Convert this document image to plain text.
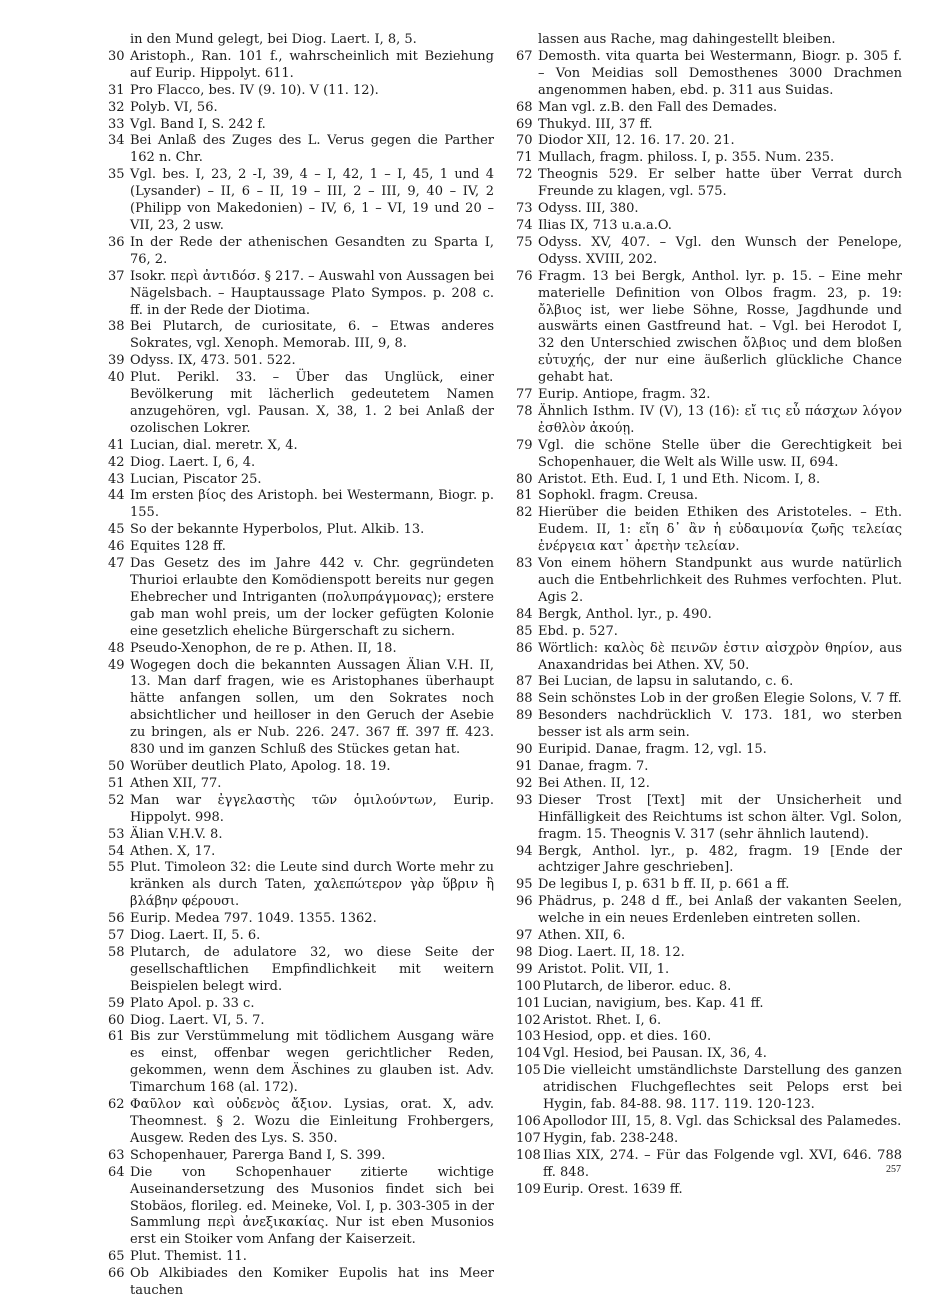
in den Mund gelegt, bei Diog. Laert. I, 8, 5.
30 Aristoph., Ran. 101 f., wahrscheinlich mit Beziehung auf Eurip. Hippolyt. 611.
31 Pro Flacco, bes. IV (9. 10). V (11. 12).
32 Polyb. VI, 56.
33 Vgl. Band I, S. 242 f.
34 Bei Anlaß des Zuges des L. Verus gegen die Parther 162 n. Chr.
35 Vgl. bes. I, 23, 2 -I, 39, 4 – I, 42, 1 – I, 45, 1 und 4 (Lysander) – II, 6 – II, 19 – III, 2 – III, 9, 40 – IV, 2 (Philipp von Makedonien) – IV, 6, 1 – VI, 19 und 20 – VII, 23, 2 usw.
36 In der Rede der athenischen Gesandten zu Sparta I, 76, 2.
37 Isokr. περὶ ἀντιδόσ. § 217. – Auswahl von Aussagen bei Nägelsbach. – Hauptaussage Plato Sympos. p. 208 c. ff. in der Rede der Diotima.
38 Bei Plutarch, de curiositate, 6. – Etwas anderes Sokrates, vgl. Xenoph. Memorab. III, 9, 8.
39 Odyss. IX, 473. 501. 522.
40 Plut. Perikl. 33. – Über das Unglück, einer Bevölkerung mit lächerlich gedeutetem Namen anzugehören, vgl. Pausan. X, 38, 1. 2 bei Anlaß der ozolischen Lokrer.
41 Lucian, dial. meretr. X, 4.
42 Diog. Laert. I, 6, 4.
43 Lucian, Piscator 25.
44 Im ersten βίος des Aristoph. bei Westermann, Biogr. p. 155.
45 So der bekannte Hyperbolos, Plut. Alkib. 13.
46 Equites 128 ff.
47 Das Gesetz des im Jahre 442 v. Chr. gegründeten Thurioi erlaubte den Komödienspott bereits nur gegen Ehebrecher und Intriganten (πολυπράγμονας); erstere gab man wohl preis, um der locker gefügten Kolonie eine gesetzlich eheliche Bürgerschaft zu sichern.
48 Pseudo-Xenophon, de re p. Athen. II, 18.
49 Wogegen doch die bekannten Aussagen Älian V.H. II, 13. Man darf fragen, wie es Aristophanes überhaupt hätte anfangen sollen, um den Sokrates noch absichtlicher und heilloser in den Geruch der Asebie zu bringen, als er Nub. 226. 247. 367 ff. 397 ff. 423. 830 und im ganzen Schluß des Stückes getan hat.
50 Worüber deutlich Plato, Apolog. 18. 19.
51 Athen XII, 77.
52 Man war ἐγγελαστὴς τῶν ὁμιλούντων, Eurip. Hippolyt. 998.
53 Älian V.H.V. 8.
54 Athen. X, 17.
55 Plut. Timoleon 32: die Leute sind durch Worte mehr zu kränken als durch Taten, χαλεπώτερον γὰρ ὕβριν ἢ βλάβην φέρουσι.
56 Eurip. Medea 797. 1049. 1355. 1362.
57 Diog. Laert. II, 5. 6.
58 Plutarch, de adulatore 32, wo diese Seite der gesellschaftlichen Empfindlichkeit mit weitern Beispielen belegt wird.
59 Plato Apol. p. 33 c.
60 Diog. Laert. VI, 5. 7.
61 Bis zur Verstümmelung mit tödlichem Ausgang wäre es einst, offenbar wegen gerichtlicher Reden, gekommen, wenn dem Äschines zu glauben ist. Adv. Timarchum 168 (al. 172).
62 Φαῦλον καὶ οὐδενὸς ἄξιον. Lysias, orat. X, adv. Theomnest. § 2. Wozu die Einleitung Frohbergers, Ausgew. Reden des Lys. S. 350.
63 Schopenhauer, Parerga Band I, S. 399.
64 Die von Schopenhauer zitierte wichtige Auseinandersetzung des Musonios findet sich bei Stobäos, florileg. ed. Meineke, Vol. I, p. 303-305 in der Sammlung περὶ ἀνεξικακίας. Nur ist eben Musonios erst ein Stoiker vom Anfang der Kaiserzeit.
65 Plut. Themist. 11.
66 Ob Alkibiades den Komiker Eupolis hat ins Meer tauchen
lassen aus Rache, mag dahingestellt bleiben.
67 Demosth. vita quarta bei Westermann, Biogr. p. 305 f. – Von Meidias soll Demosthenes 3000 Drachmen angenommen haben, ebd. p. 311 aus Suidas.
68 Man vgl. z.B. den Fall des Demades.
69 Thukyd. III, 37 ff.
70 Diodor XII, 12. 16. 17. 20. 21.
71 Mullach, fragm. philoss. I, p. 355. Num. 235.
72 Theognis 529. Er selber hatte über Verrat durch Freunde zu klagen, vgl. 575.
73 Odyss. III, 380.
74 Ilias IX, 713 u.a.a.O.
75 Odyss. XV, 407. – Vgl. den Wunsch der Penelope, Odyss. XVIII, 202.
76 Fragm. 13 bei Bergk, Anthol. lyr. p. 15. – Eine mehr materielle Definition von Olbos fragm. 23, p. 19: ὄλβιος ist, wer liebe Söhne, Rosse, Jagdhunde und auswärts einen Gastfreund hat. – Vgl. bei Herodot I, 32 den Unterschied zwischen ὄλβιος und dem bloßen εὐτυχής, der nur eine äußerlich glückliche Chance gehabt hat.
77 Eurip. Antiope, fragm. 32.
78 Ähnlich Isthm. IV (V), 13 (16): εἴ τις εὖ πάσχων λόγον ἐσθλὸν ἀκούῃ.
79 Vgl. die schöne Stelle über die Gerechtigkeit bei Schopenhauer, die Welt als Wille usw. II, 694.
80 Aristot. Eth. Eud. I, 1 und Eth. Nicom. I, 8.
81 Sophokl. fragm. Creusa.
82 Hierüber die beiden Ethiken des Aristoteles. – Eth. Eudem. II, 1: εἴη δ᾽ ἂν ἡ εὐδαιμονία ζωῆς τελείας ἐνέργεια κατ᾽ ἀρετὴν τελείαν.
83 Von einem höhern Standpunkt aus wurde natürlich auch die Entbehrlichkeit des Ruhmes verfochten. Plut. Agis 2.
84 Bergk, Anthol. lyr., p. 490.
85 Ebd. p. 527.
86 Wörtlich: καλὸς δὲ πεινῶν ἐστιν αἰσχρὸν θηρίον, aus Anaxandridas bei Athen. XV, 50.
87 Bei Lucian, de lapsu in salutando, c. 6.
88 Sein schönstes Lob in der großen Elegie Solons, V. 7 ff.
89 Besonders nachdrücklich V. 173. 181, wo sterben besser ist als arm sein.
90 Euripid. Danae, fragm. 12, vgl. 15.
91 Danae, fragm. 7.
92 Bei Athen. II, 12.
93 Dieser Trost [Text] mit der Unsicherheit und Hinfälligkeit des Reichtums ist schon älter. Vgl. Solon, fragm. 15. Theognis V. 317 (sehr ähnlich lautend).
94 Bergk, Anthol. lyr., p. 482, fragm. 19 [Ende der achtziger Jahre geschrieben].
95 De legibus I, p. 631 b ff. II, p. 661 a ff.
96 Phädrus, p. 248 d ff., bei Anlaß der vakanten Seelen, welche in ein neues Erdenleben eintreten sollen.
97 Athen. XII, 6.
98 Diog. Laert. II, 18. 12.
99 Aristot. Polit. VII, 1.
100 Plutarch, de liberor. educ. 8.
101 Lucian, navigium, bes. Kap. 41 ff.
102 Aristot. Rhet. I, 6.
103 Hesiod, opp. et dies. 160.
104 Vgl. Hesiod, bei Pausan. IX, 36, 4.
105 Die vielleicht umständlichste Darstellung des ganzen atridischen Fluchgeflechtes seit Pelops erst bei Hygin, fab. 84-88. 98. 117. 119. 120-123.
106 Apollodor III, 15, 8. Vgl. das Schicksal des Palamedes.
107 Hygin, fab. 238-248.
108 Ilias XIX, 274. – Für das Folgende vgl. XVI, 646. 788 ff. 848.
109 Eurip. Orest. 1639 ff.
257
